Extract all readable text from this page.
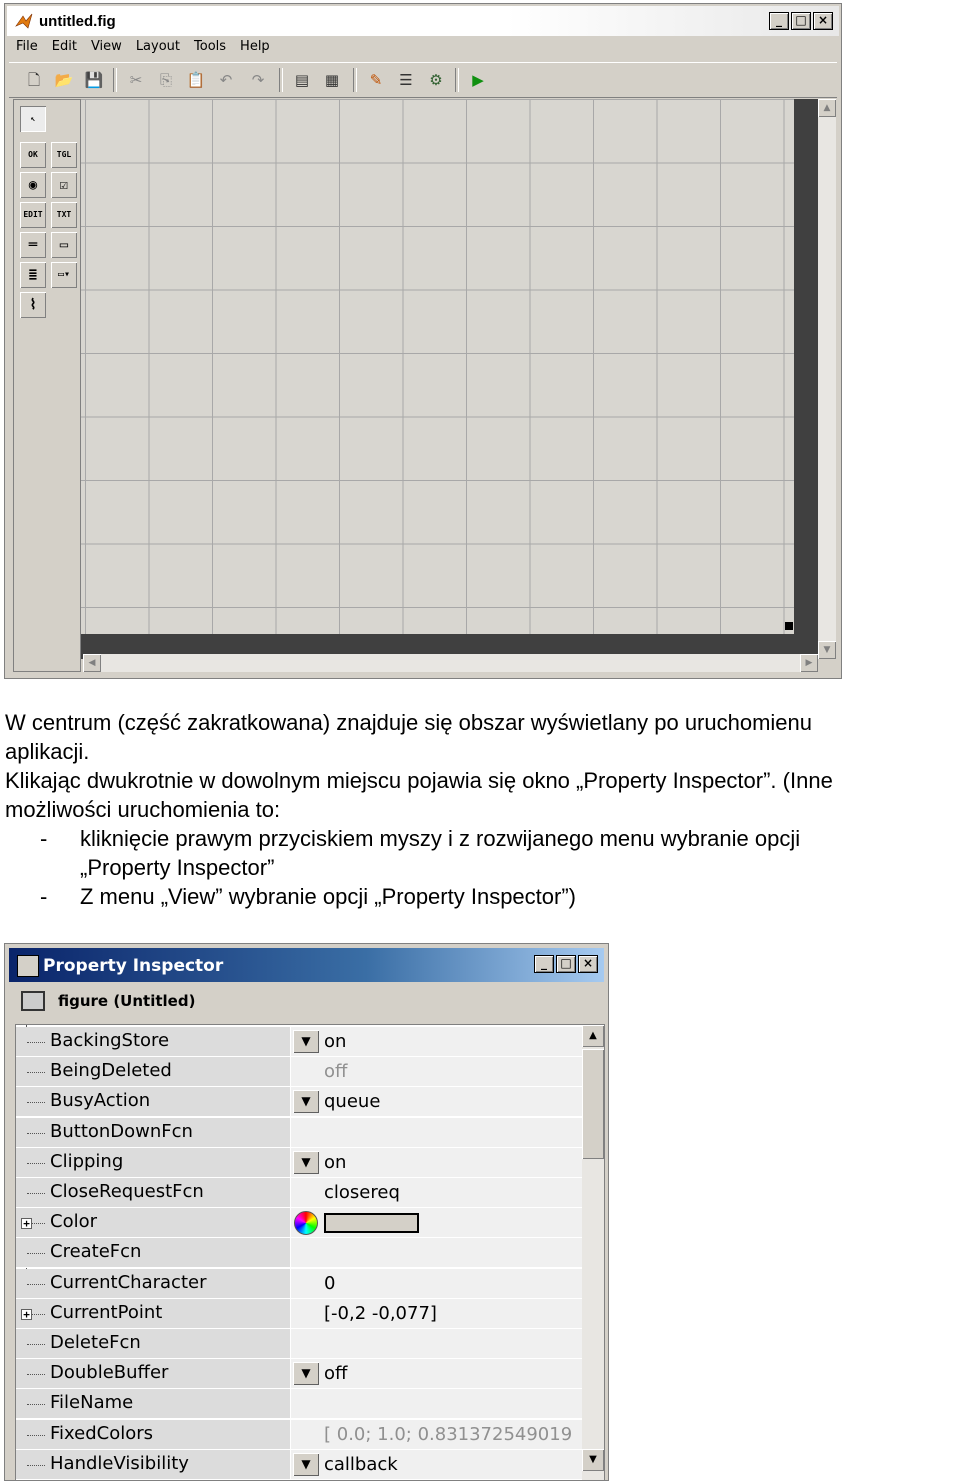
untitled.fig	_	□ ×
File	Edit	View	Layout	Tools	Help
🗋 📂 💾	✂	⎘ 📋 ↶	↷	▤ ▦	✎	☰ ⚙	▶
↖
OK	TGL
◉	☑
EDIT	TXT
═	▭
≣	▭▾
⌇
▲
▼
◀	▶

W centrum (część zakratkowana) znajduje się obszar wyświetlany po uruchomienu

aplikacji.

Klikając dwukrotnie w dowolnym miejscu pojawia się okno „Property Inspector”. (Inne

możliwości uruchomienia to:

-	kliknięcie prawym przyciskiem myszy i z rozwijanego menu wybranie opcji

„Property Inspector”

-	Z menu „View” wybranie opcji „Property Inspector”)
Property Inspector	_	□ ×
figure (Untitled)
▲
▼
BackingStore	▼ on
BeingDeleted	off
BusyAction	▼ queue
ButtonDownFcn
Clipping	▼ on
CloseRequestFcn	closereq
Color
+
CreateFcn
CurrentCharacter	0
CurrentPoint	[-0,2 -0,077]
+
DeleteFcn
DoubleBuffer	▼ off
FileName
FixedColors	[ 0.0; 1.0; 0.831372549019
HandleVisibility	▼ callback
